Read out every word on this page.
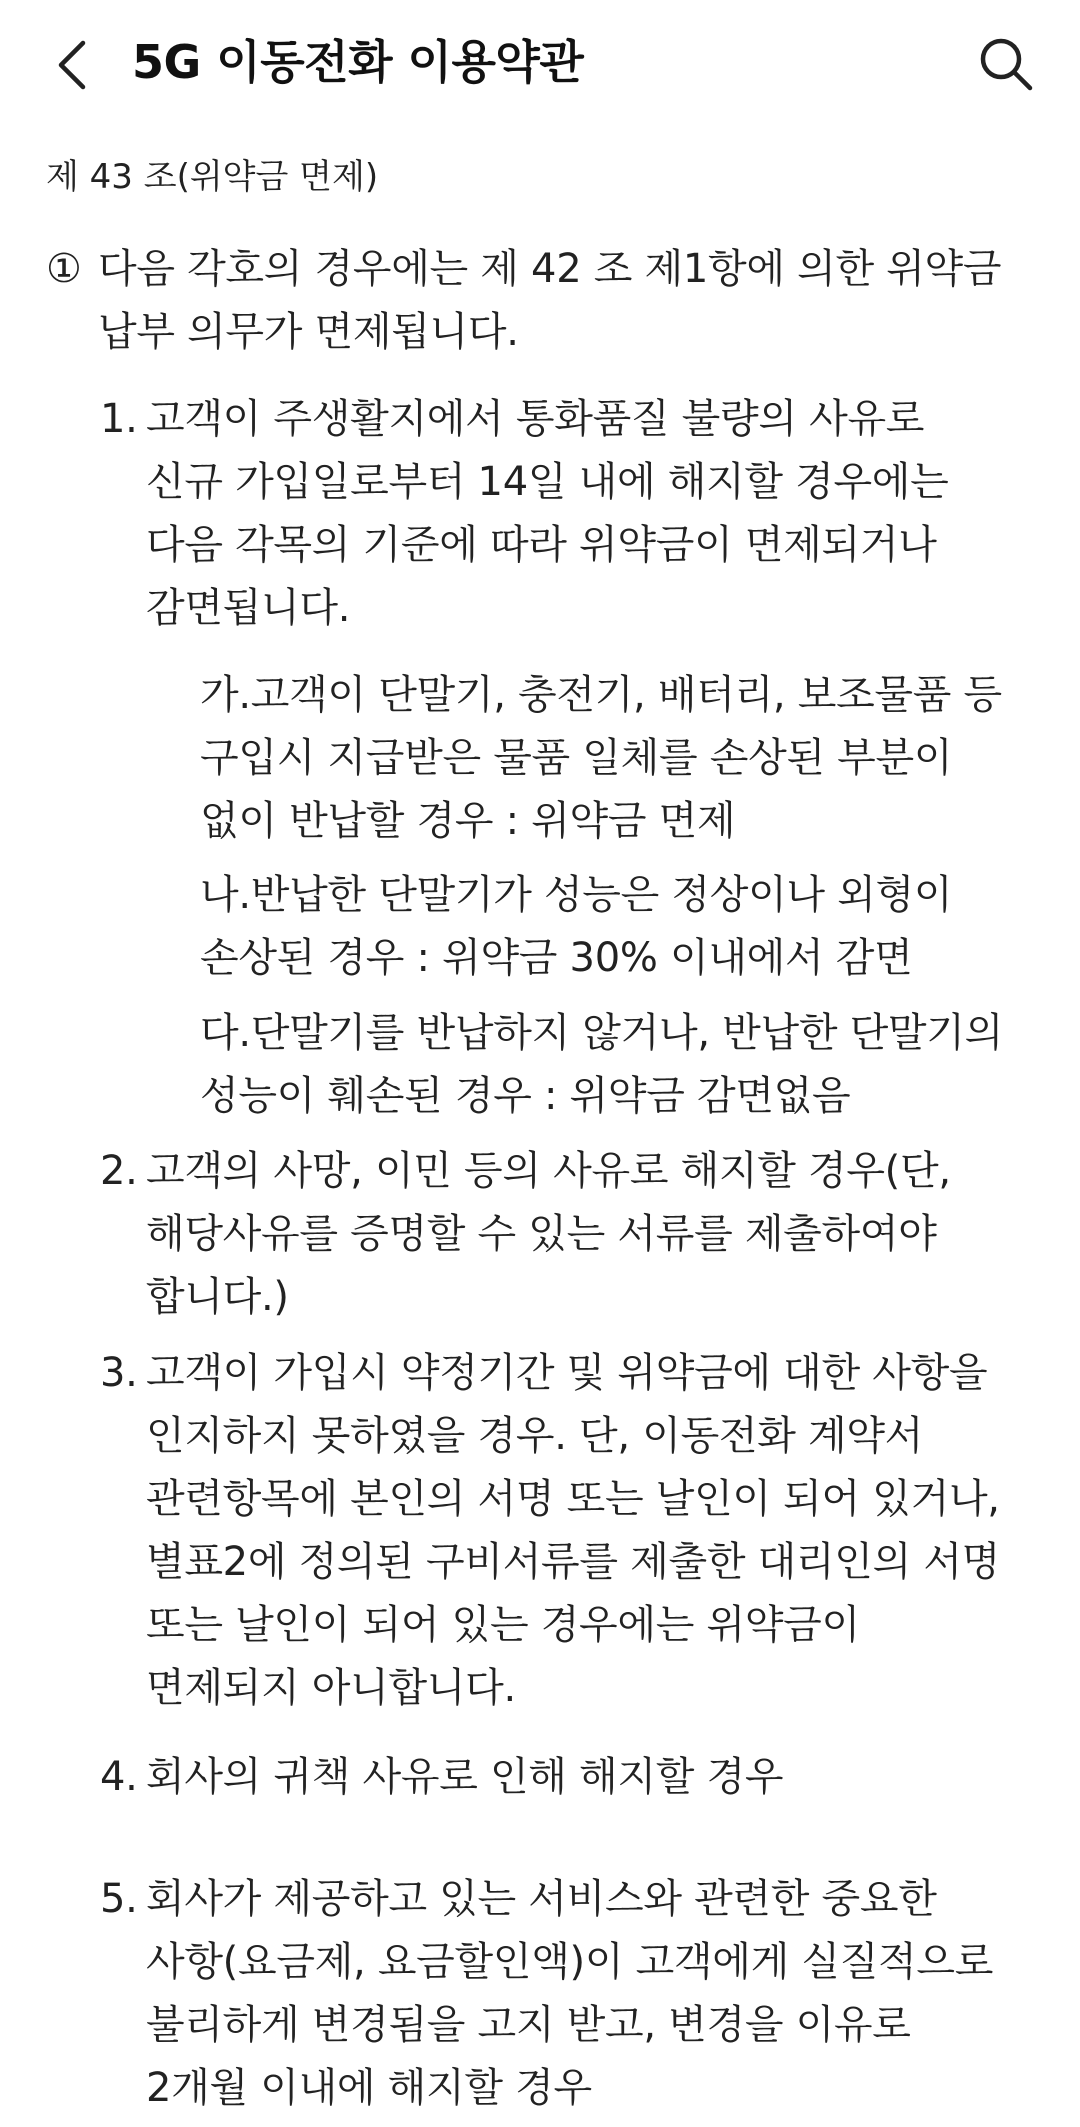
5G 이동전화 이용약관
제 43 조(위약금 면제)
① 다음 각호의 경우에는 제 42 조 제1항에 의한 위약금
납부 의무가 면제됩니다.
1. 고객이 주생활지에서 통화품질 불량의 사유로
신규 가입일로부터 14일 내에 해지할 경우에는
다음 각목의 기준에 따라 위약금이 면제되거나
감면됩니다.
가.고객이 단말기, 충전기, 배터리, 보조물품 등
구입시 지급받은 물품 일체를 손상된 부분이
없이 반납할 경우 : 위약금 면제
나.반납한 단말기가 성능은 정상이나 외형이
손상된 경우 : 위약금 30% 이내에서 감면
다.단말기를 반납하지 않거나, 반납한 단말기의
성능이 훼손된 경우 : 위약금 감면없음
2. 고객의 사망, 이민 등의 사유로 해지할 경우(단,
해당사유를 증명할 수 있는 서류를 제출하여야
합니다.)
3. 고객이 가입시 약정기간 및 위약금에 대한 사항을
인지하지 못하였을 경우. 단, 이동전화 계약서
관련항목에 본인의 서명 또는 날인이 되어 있거나,
별표2에 정의된 구비서류를 제출한 대리인의 서명
또는 날인이 되어 있는 경우에는 위약금이
면제되지 아니합니다.
4. 회사의 귀책 사유로 인해 해지할 경우
5. 회사가 제공하고 있는 서비스와 관련한 중요한
사항(요금제, 요금할인액)이 고객에게 실질적으로
불리하게 변경됨을 고지 받고, 변경을 이유로
2개월 이내에 해지할 경우
